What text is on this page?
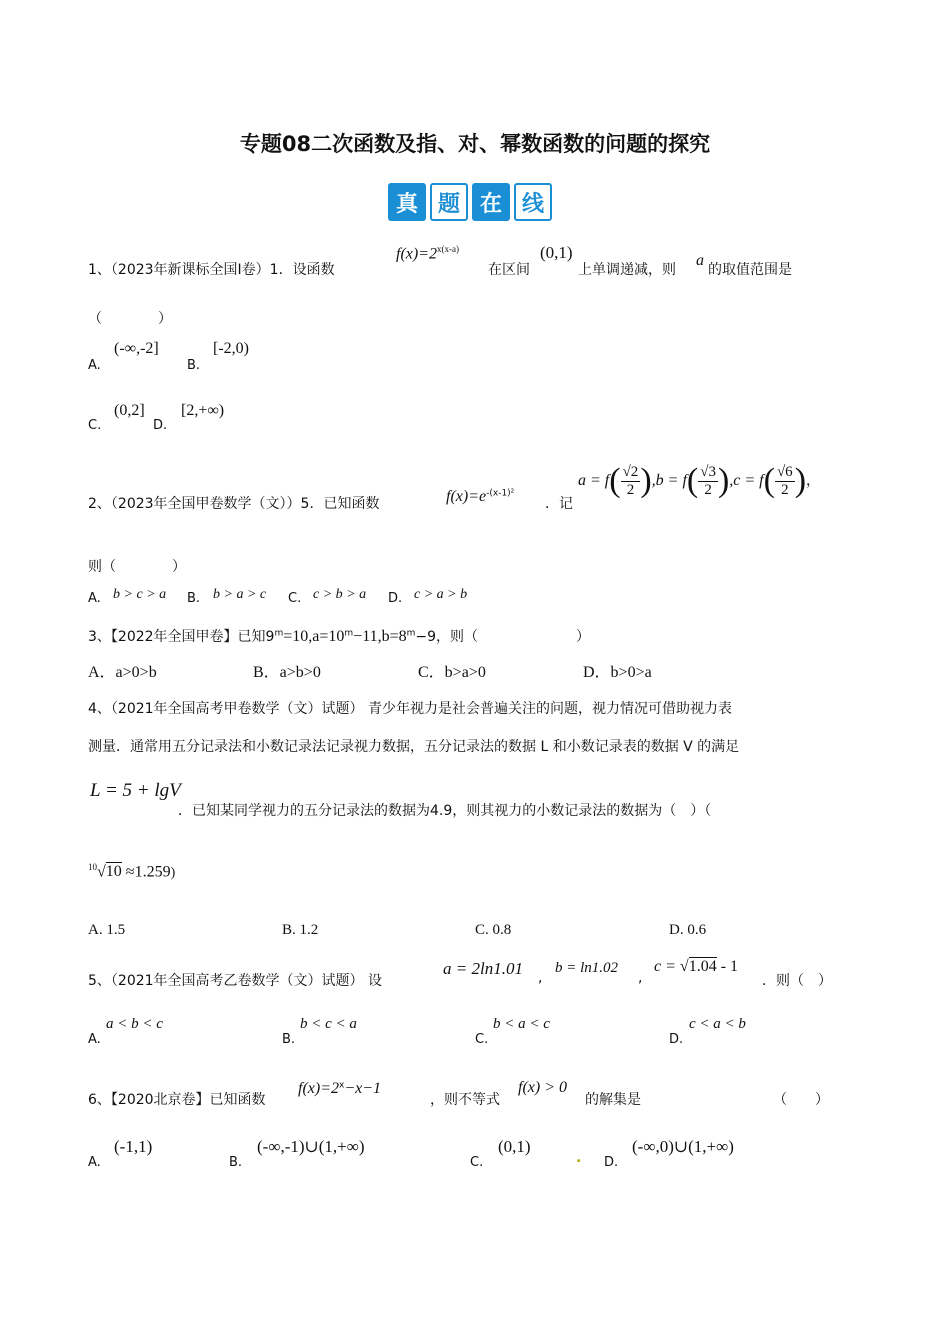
专题08二次函数及指、对、幂数函数的问题的探究
真 题 在 线
1、（2023年新课标全国Ⅰ卷）1．设函数
$f(x)=2^{x(x-a)}$
在区间
(0,1)
上单调递减，则
a
的取值范围是
（　　　　）
A.
(-∞,-2]
B.
[-2,0)
C.
(0,2]
D.
[2,+∞)
2、（2023年全国甲卷数学（文））5．已知函数	$f(x)=e^{-(x-1)^2}$
．记
$a = f( \frac{√2}{2} ),b = f( \frac{√3}{2} ),c = f( \frac{√6}{2}$ )，
则（　　　　）
A. b > c > a B. b > a > c C. c > b > a D. c > a > b
3、【2022年全国甲卷】已知$9^m=10,a=10^m-11,b=8^m-9$，则（　　　　　　　）
A．a>0>b	B．a>b>0	C．b>a>0	D．b>0>a
4、（2021年全国高考甲卷数学（文）试题） 青少年视力是社会普遍关注的问题，视力情况可借助视力表
测量．通常用五分记录法和小数记录法记录视力数据，五分记录法的数据 L 和小数记录表的数据 V 的满足
L = 5 + lgV
．已知某同学视力的五分记录法的数据为4.9，则其视力的小数记录法的数据为（　）（
$^{10}$√10 ≈1.259)
A. 1.5	B. 1.2	C. 0.8	D. 0.6
5、（2021年全国高考乙卷数学（文）试题） 设
a = 2ln1.01 ,
b = ln1.02
,
c = √1.04 - 1
．则（　）
A.
a < b < c
B.
b < c < a
C.
b < a < c
D.
c < a < b
6、【2020北京卷】已知函数
$f(x)=2^x-x-1$
，则不等式
f(x) > 0
的解集是	（　　）
A.
(-1,1)
B.
(-∞,-1)∪(1,+∞)
C.
(0,1)
. D.
(-∞,0)∪(1,+∞)
